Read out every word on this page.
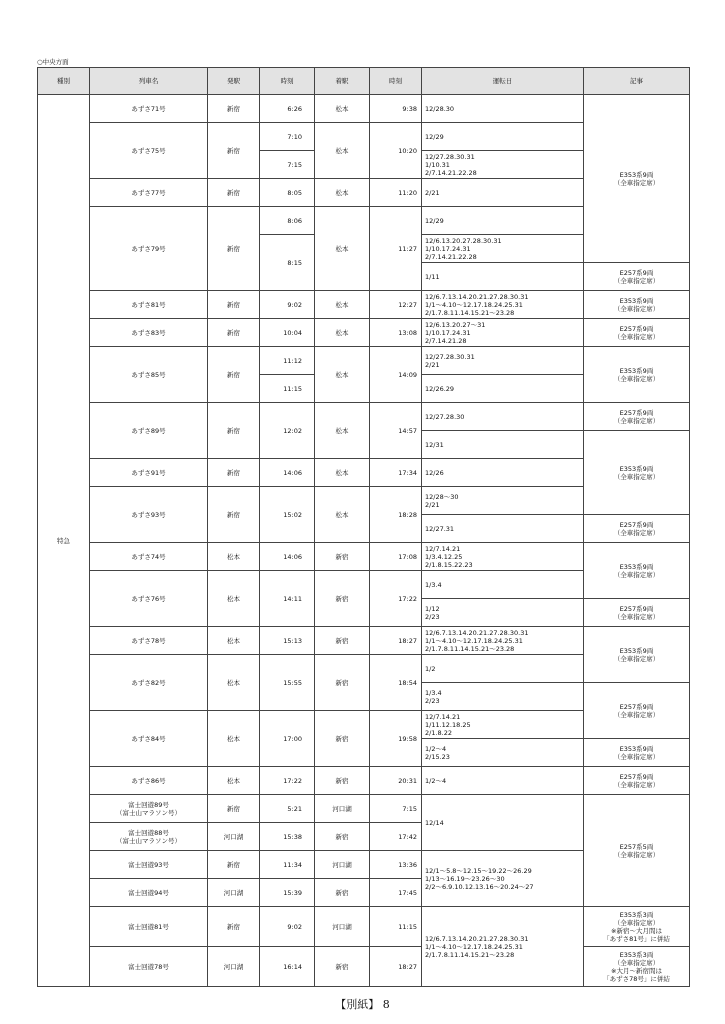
○中央方面
種別	列車名	発駅	時刻	着駅	時刻	運転日	記事
特急	あずさ71号	新宿	6:26	松本	9:38	12/28.30	E353系9両
（全車指定席）

	あずさ75号	新宿	7:10	松本	10:20	12/29	

			7:15			12/27.28.30.31
1/10.31
2/7.14.21.22.28	

	あずさ77号	新宿	8:05	松本	11:20	2/21	

	あずさ79号	新宿	8:06	松本	11:27	12/29	

			8:15			12/6.13.20.27.28.30.31
1/10.17.24.31
2/7.14.21.22.28	

						1/11	E257系9両
（全車指定席）

	あずさ81号	新宿	9:02	松本	12:27	12/6.7.13.14.20.21.27.28.30.31
1/1～4.10～12.17.18.24.25.31
2/1.7.8.11.14.15.21～23.28	E353系9両
（全車指定席）

	あずさ83号	新宿	10:04	松本	13:08	12/6.13.20.27～31
1/10.17.24.31
2/7.14.21.28	E257系9両
（全車指定席）

	あずさ85号	新宿	11:12	松本	14:09	12/27.28.30.31
2/21	E353系9両
（全車指定席）

			11:15			12/26.29	

	あずさ89号	新宿	12:02	松本	14:57	12/27.28.30	E257系9両
（全車指定席）

						12/31	E353系9両
（全車指定席）

	あずさ91号	新宿	14:06	松本	17:34	12/26	

	あずさ93号	新宿	15:02	松本	18:28	12/28～30
2/21	

						12/27.31	E257系9両
（全車指定席）

	あずさ74号	松本	14:06	新宿	17:08	12/7.14.21
1/3.4.12.25
2/1.8.15.22.23	E353系9両
（全車指定席）

	あずさ76号	松本	14:11	新宿	17:22	1/3.4	

						1/12
2/23	E257系9両
（全車指定席）

	あずさ78号	松本	15:13	新宿	18:27	12/6.7.13.14.20.21.27.28.30.31
1/1～4.10～12.17.18.24.25.31
2/1.7.8.11.14.15.21～23.28	E353系9両
（全車指定席）

	あずさ82号	松本	15:55	新宿	18:54	1/2	

						1/3.4
2/23	E257系9両
（全車指定席）

	あずさ84号	松本	17:00	新宿	19:58	12/7.14.21
1/11.12.18.25
2/1.8.22	

						1/2～4
2/15.23	E353系9両
（全車指定席）

	あずさ86号	松本	17:22	新宿	20:31	1/2～4	E257系9両
（全車指定席）

	富士回遊89号
（富士山マラソン号）	新宿	5:21	河口湖	7:15	12/14	E257系5両
（全車指定席）

	富士回遊88号
（富士山マラソン号）	河口湖	15:38	新宿	17:42		
	富士回遊93号	新宿	11:34	河口湖	13:36	12/1～5.8～12.15～19.22～26.29
1/13～16.19～23.26～30
2/2～6.9.10.12.13.16～20.24～27	

	富士回遊94号	河口湖	15:39	新宿	17:45		
	富士回遊81号	新宿	9:02	河口湖	11:15	12/6.7.13.14.20.21.27.28.30.31
1/1～4.10～12.17.18.24.25.31
2/1.7.8.11.14.15.21～23.28	E353系3両
（全車指定席）
※新宿～大月間は
「あずさ81号」に併結

	富士回遊78号	河口湖	16:14	新宿	18:27		E353系3両
（全車指定席）
※大月～新宿間は
「あずさ78号」に併結
【別紙】 8
